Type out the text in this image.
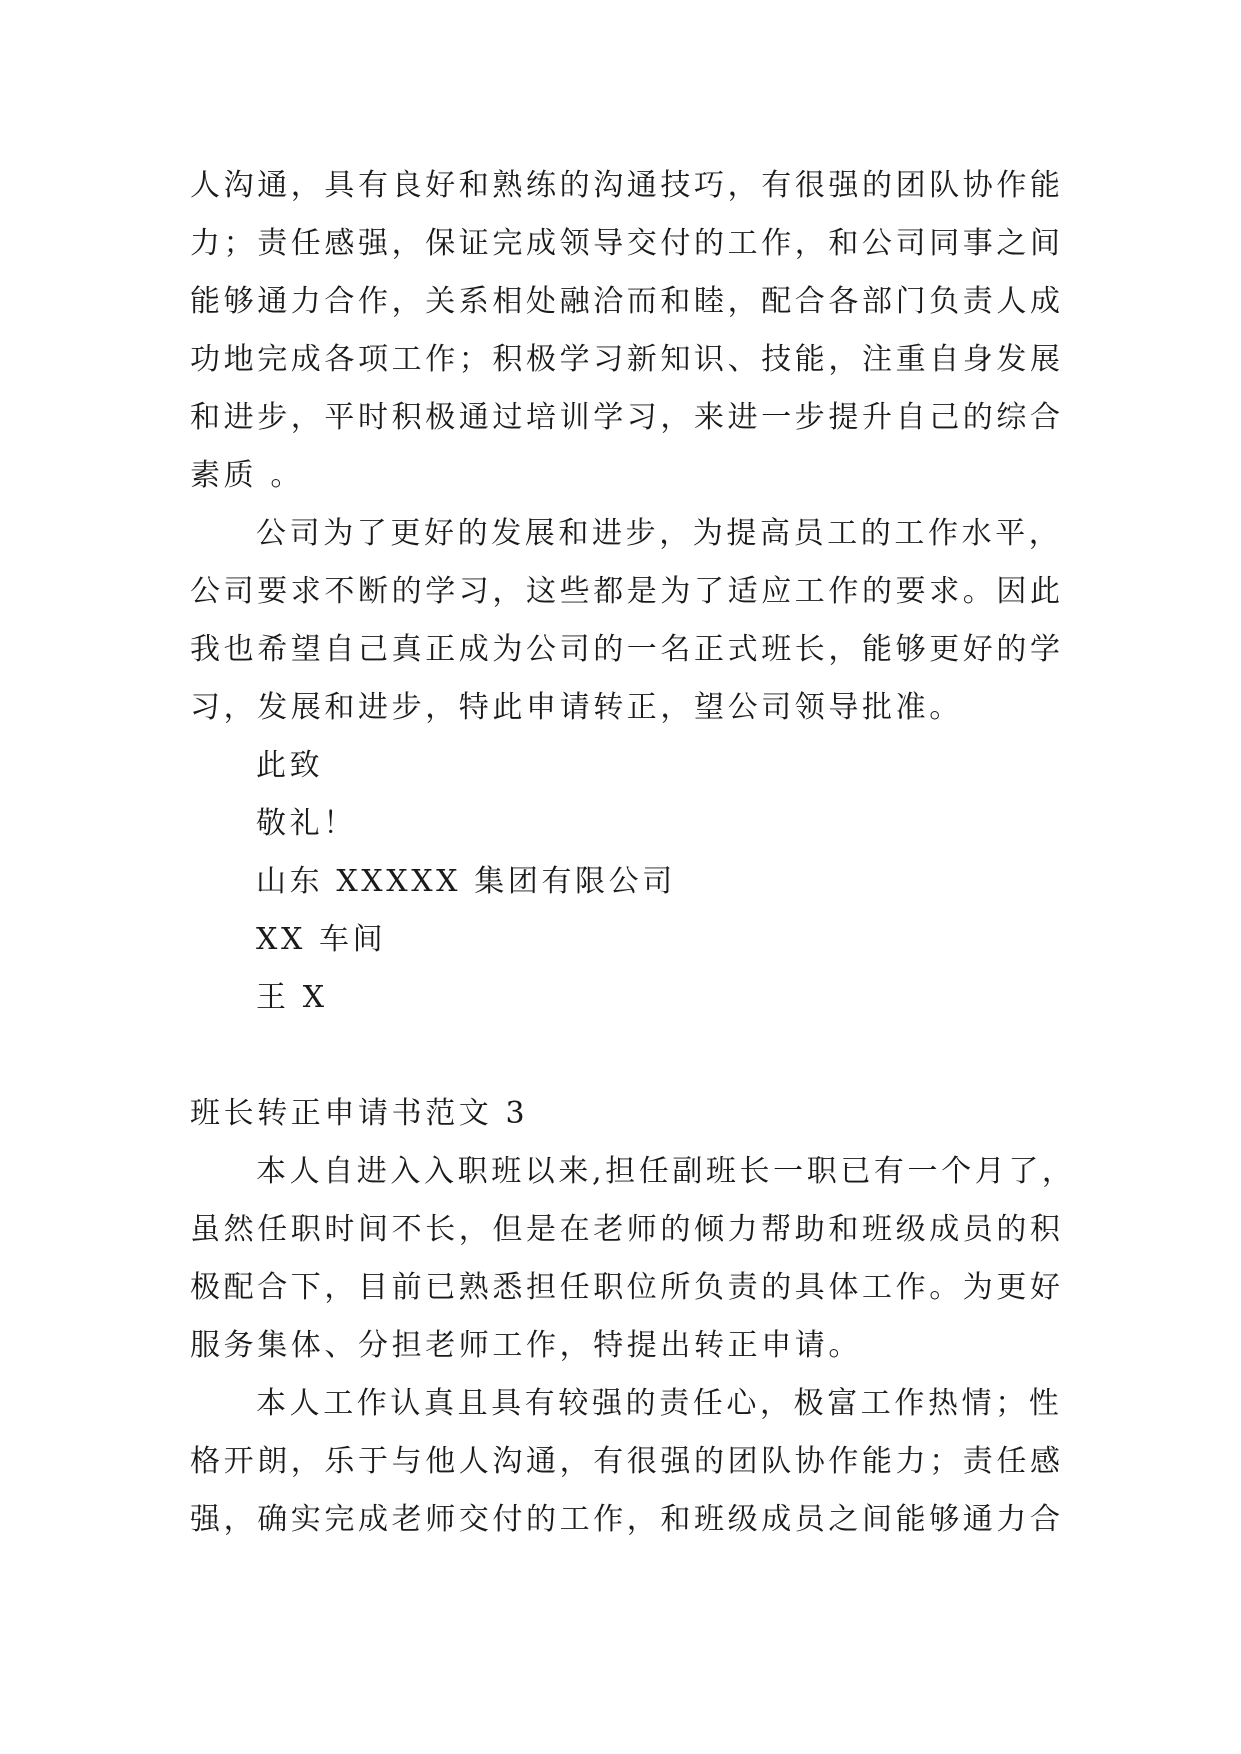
人沟通，具有良好和熟练的沟通技巧，有很强的团队协作能
力；责任感强，保证完成领导交付的工作，和公司同事之间
能够通力合作，关系相处融洽而和睦，配合各部门负责人成
功地完成各项工作；积极学习新知识、技能，注重自身发展
和进步，平时积极通过培训学习，来进一步提升自己的综合
素质 。
公司为了更好的发展和进步，为提高员工的工作水平，
公司要求不断的学习，这些都是为了适应工作的要求。因此
我也希望自己真正成为公司的一名正式班长，能够更好的学
习，发展和进步，特此申请转正，望公司领导批准。
此致
敬礼！
山东 XXXXX 集团有限公司
XX 车间
王 X
班长转正申请书范文 3
本人自进入入职班以来,担任副班长一职已有一个月了，
虽然任职时间不长，但是在老师的倾力帮助和班级成员的积
极配合下，目前已熟悉担任职位所负责的具体工作。为更好
服务集体、分担老师工作，特提出转正申请。
本人工作认真且具有较强的责任心，极富工作热情；性
格开朗，乐于与他人沟通，有很强的团队协作能力；责任感
强，确实完成老师交付的工作，和班级成员之间能够通力合
